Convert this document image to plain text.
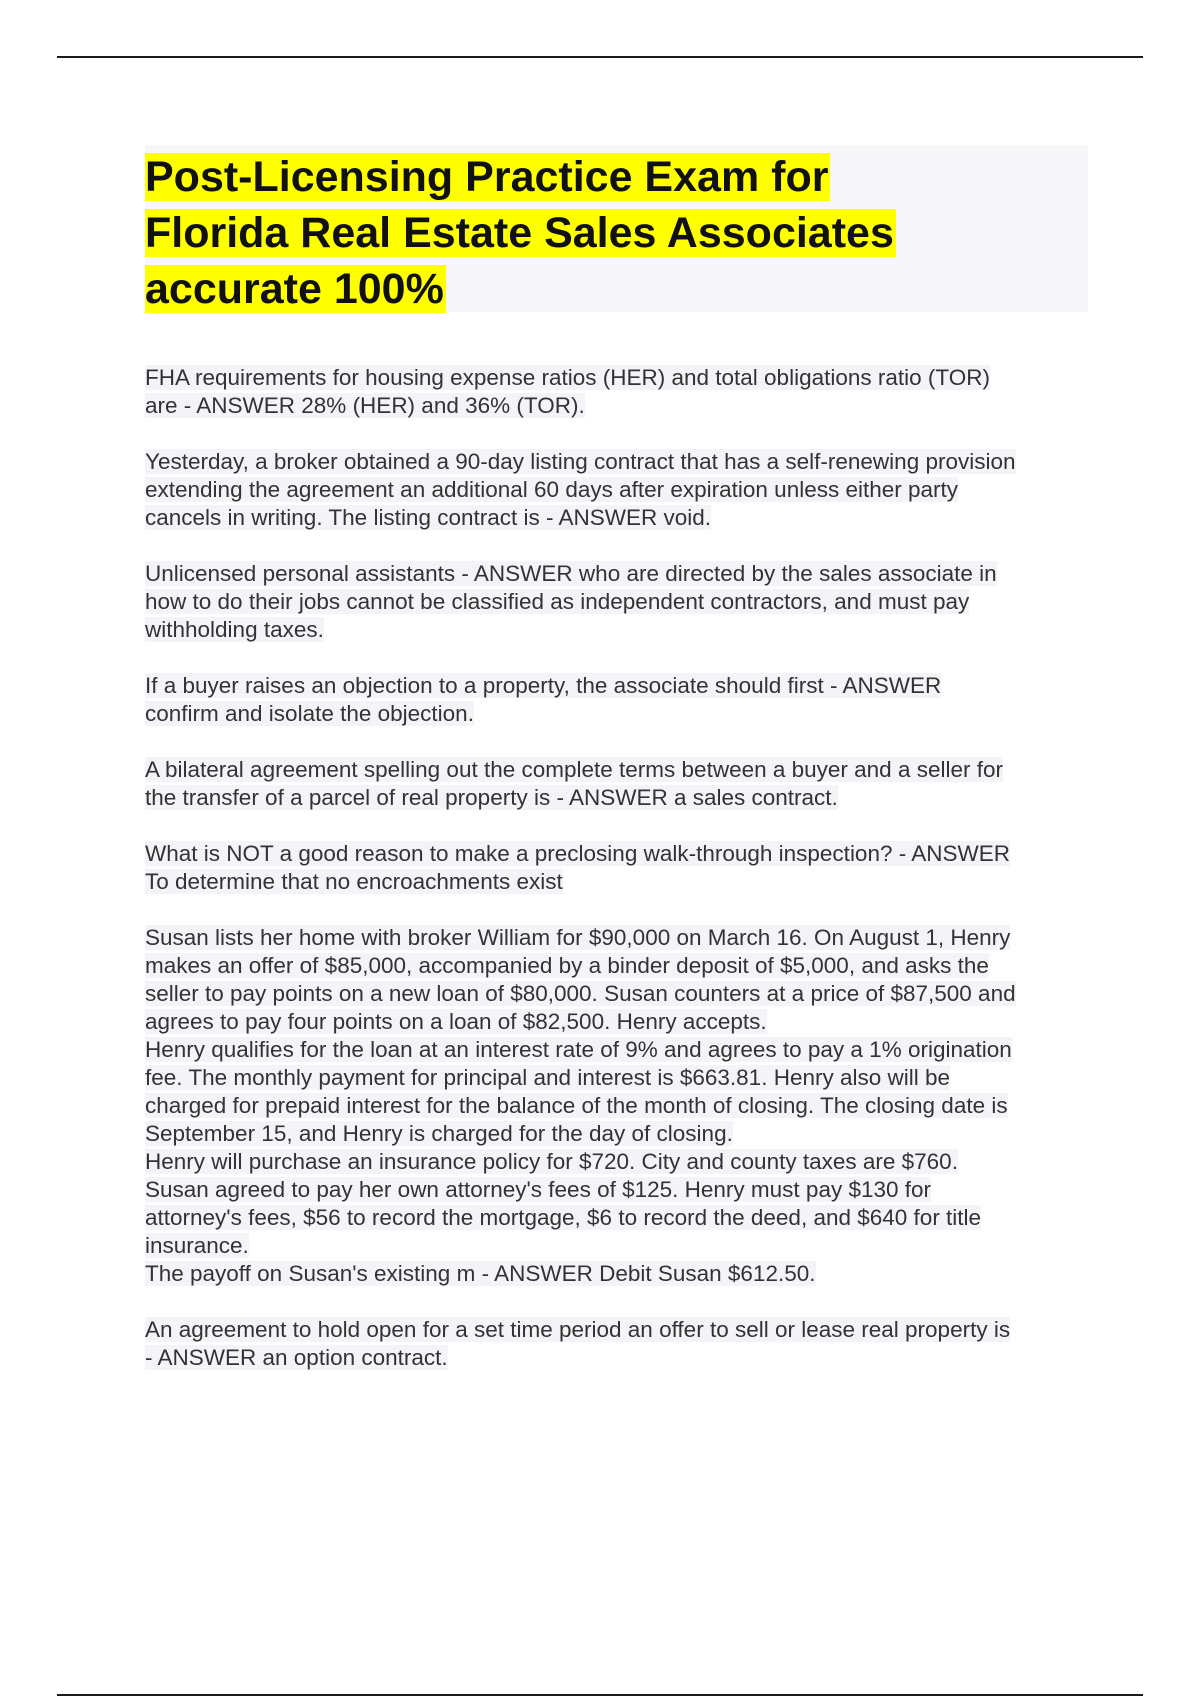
Post-Licensing Practice Exam for
Florida Real Estate Sales Associates
accurate 100%

FHA requirements for housing expense ratios (HER) and total obligations ratio (TOR)
are - ANSWER 28% (HER) and 36% (TOR).

Yesterday, a broker obtained a 90-day listing contract that has a self-renewing provision
extending the agreement an additional 60 days after expiration unless either party
cancels in writing. The listing contract is - ANSWER void.

Unlicensed personal assistants - ANSWER who are directed by the sales associate in
how to do their jobs cannot be classified as independent contractors, and must pay
withholding taxes.

If a buyer raises an objection to a property, the associate should first - ANSWER
confirm and isolate the objection.

A bilateral agreement spelling out the complete terms between a buyer and a seller for
the transfer of a parcel of real property is - ANSWER a sales contract.

What is NOT a good reason to make a preclosing walk-through inspection? - ANSWER
To determine that no encroachments exist

Susan lists her home with broker William for $90,000 on March 16. On August 1, Henry
makes an offer of $85,000, accompanied by a binder deposit of $5,000, and asks the
seller to pay points on a new loan of $80,000. Susan counters at a price of $87,500 and
agrees to pay four points on a loan of $82,500. Henry accepts.
Henry qualifies for the loan at an interest rate of 9% and agrees to pay a 1% origination
fee. The monthly payment for principal and interest is $663.81. Henry also will be
charged for prepaid interest for the balance of the month of closing. The closing date is
September 15, and Henry is charged for the day of closing.
Henry will purchase an insurance policy for $720. City and county taxes are $760.
Susan agreed to pay her own attorney's fees of $125. Henry must pay $130 for
attorney's fees, $56 to record the mortgage, $6 to record the deed, and $640 for title
insurance.
The payoff on Susan's existing m - ANSWER Debit Susan $612.50.

An agreement to hold open for a set time period an offer to sell or lease real property is
- ANSWER an option contract.
